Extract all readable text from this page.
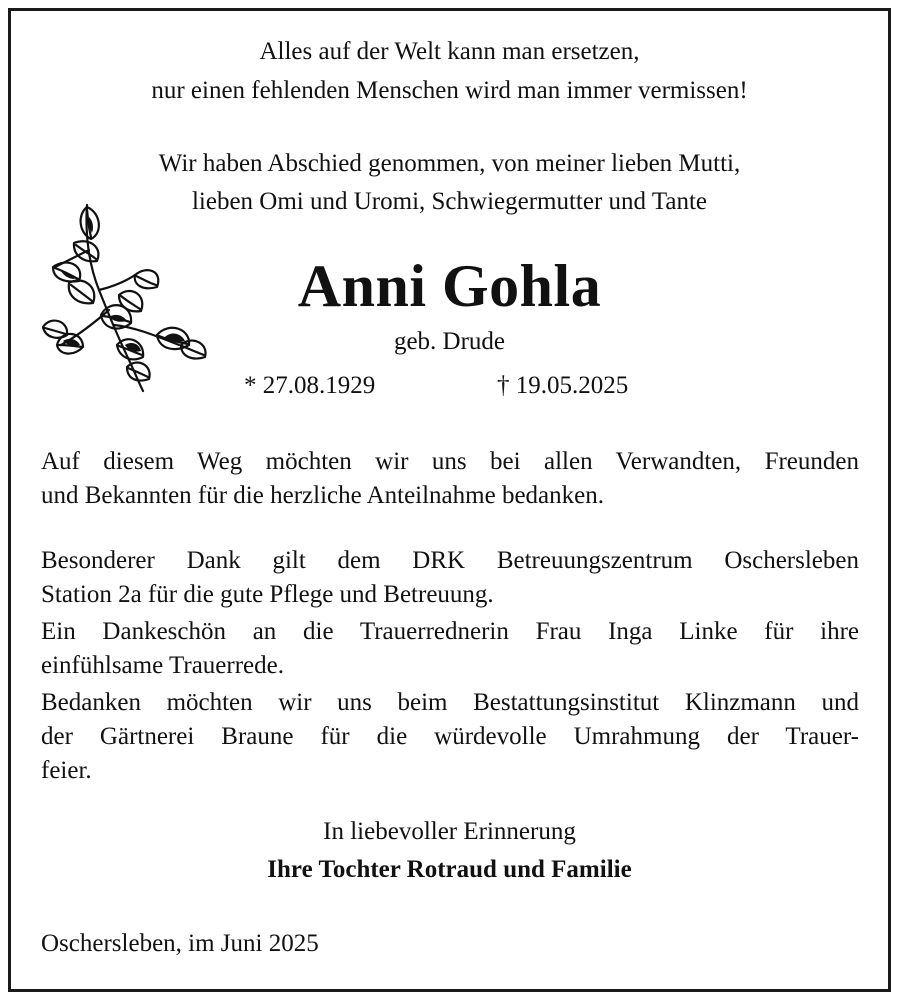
Alles auf der Welt kann man ersetzen,

nur einen fehlenden Menschen wird man immer vermissen!

Wir haben Abschied genommen, von meiner lieben Mutti,

lieben Omi und Uromi, Schwiegermutter und Tante

Anni Gohla

geb. Drude

* 27.08.1929	† 19.05.2025

Auf diesem Weg möchten wir uns bei allen Verwandten, Freunden
und Bekannten für die herzliche Anteilnahme bedanken.
Besonderer Dank gilt dem DRK Betreuungszentrum Oschersleben
Station 2a für die gute Pflege und Betreuung.
Ein Dankeschön an die Trauerrednerin Frau Inga Linke für ihre
einfühlsame Trauerrede.
Bedanken möchten wir uns beim Bestattungsinstitut Klinzmann und
der Gärtnerei Braune für die würdevolle Umrahmung der Trauer-
feier.

In liebevoller Erinnerung

Ihre Tochter Rotraud und Familie

Oschersleben, im Juni 2025
